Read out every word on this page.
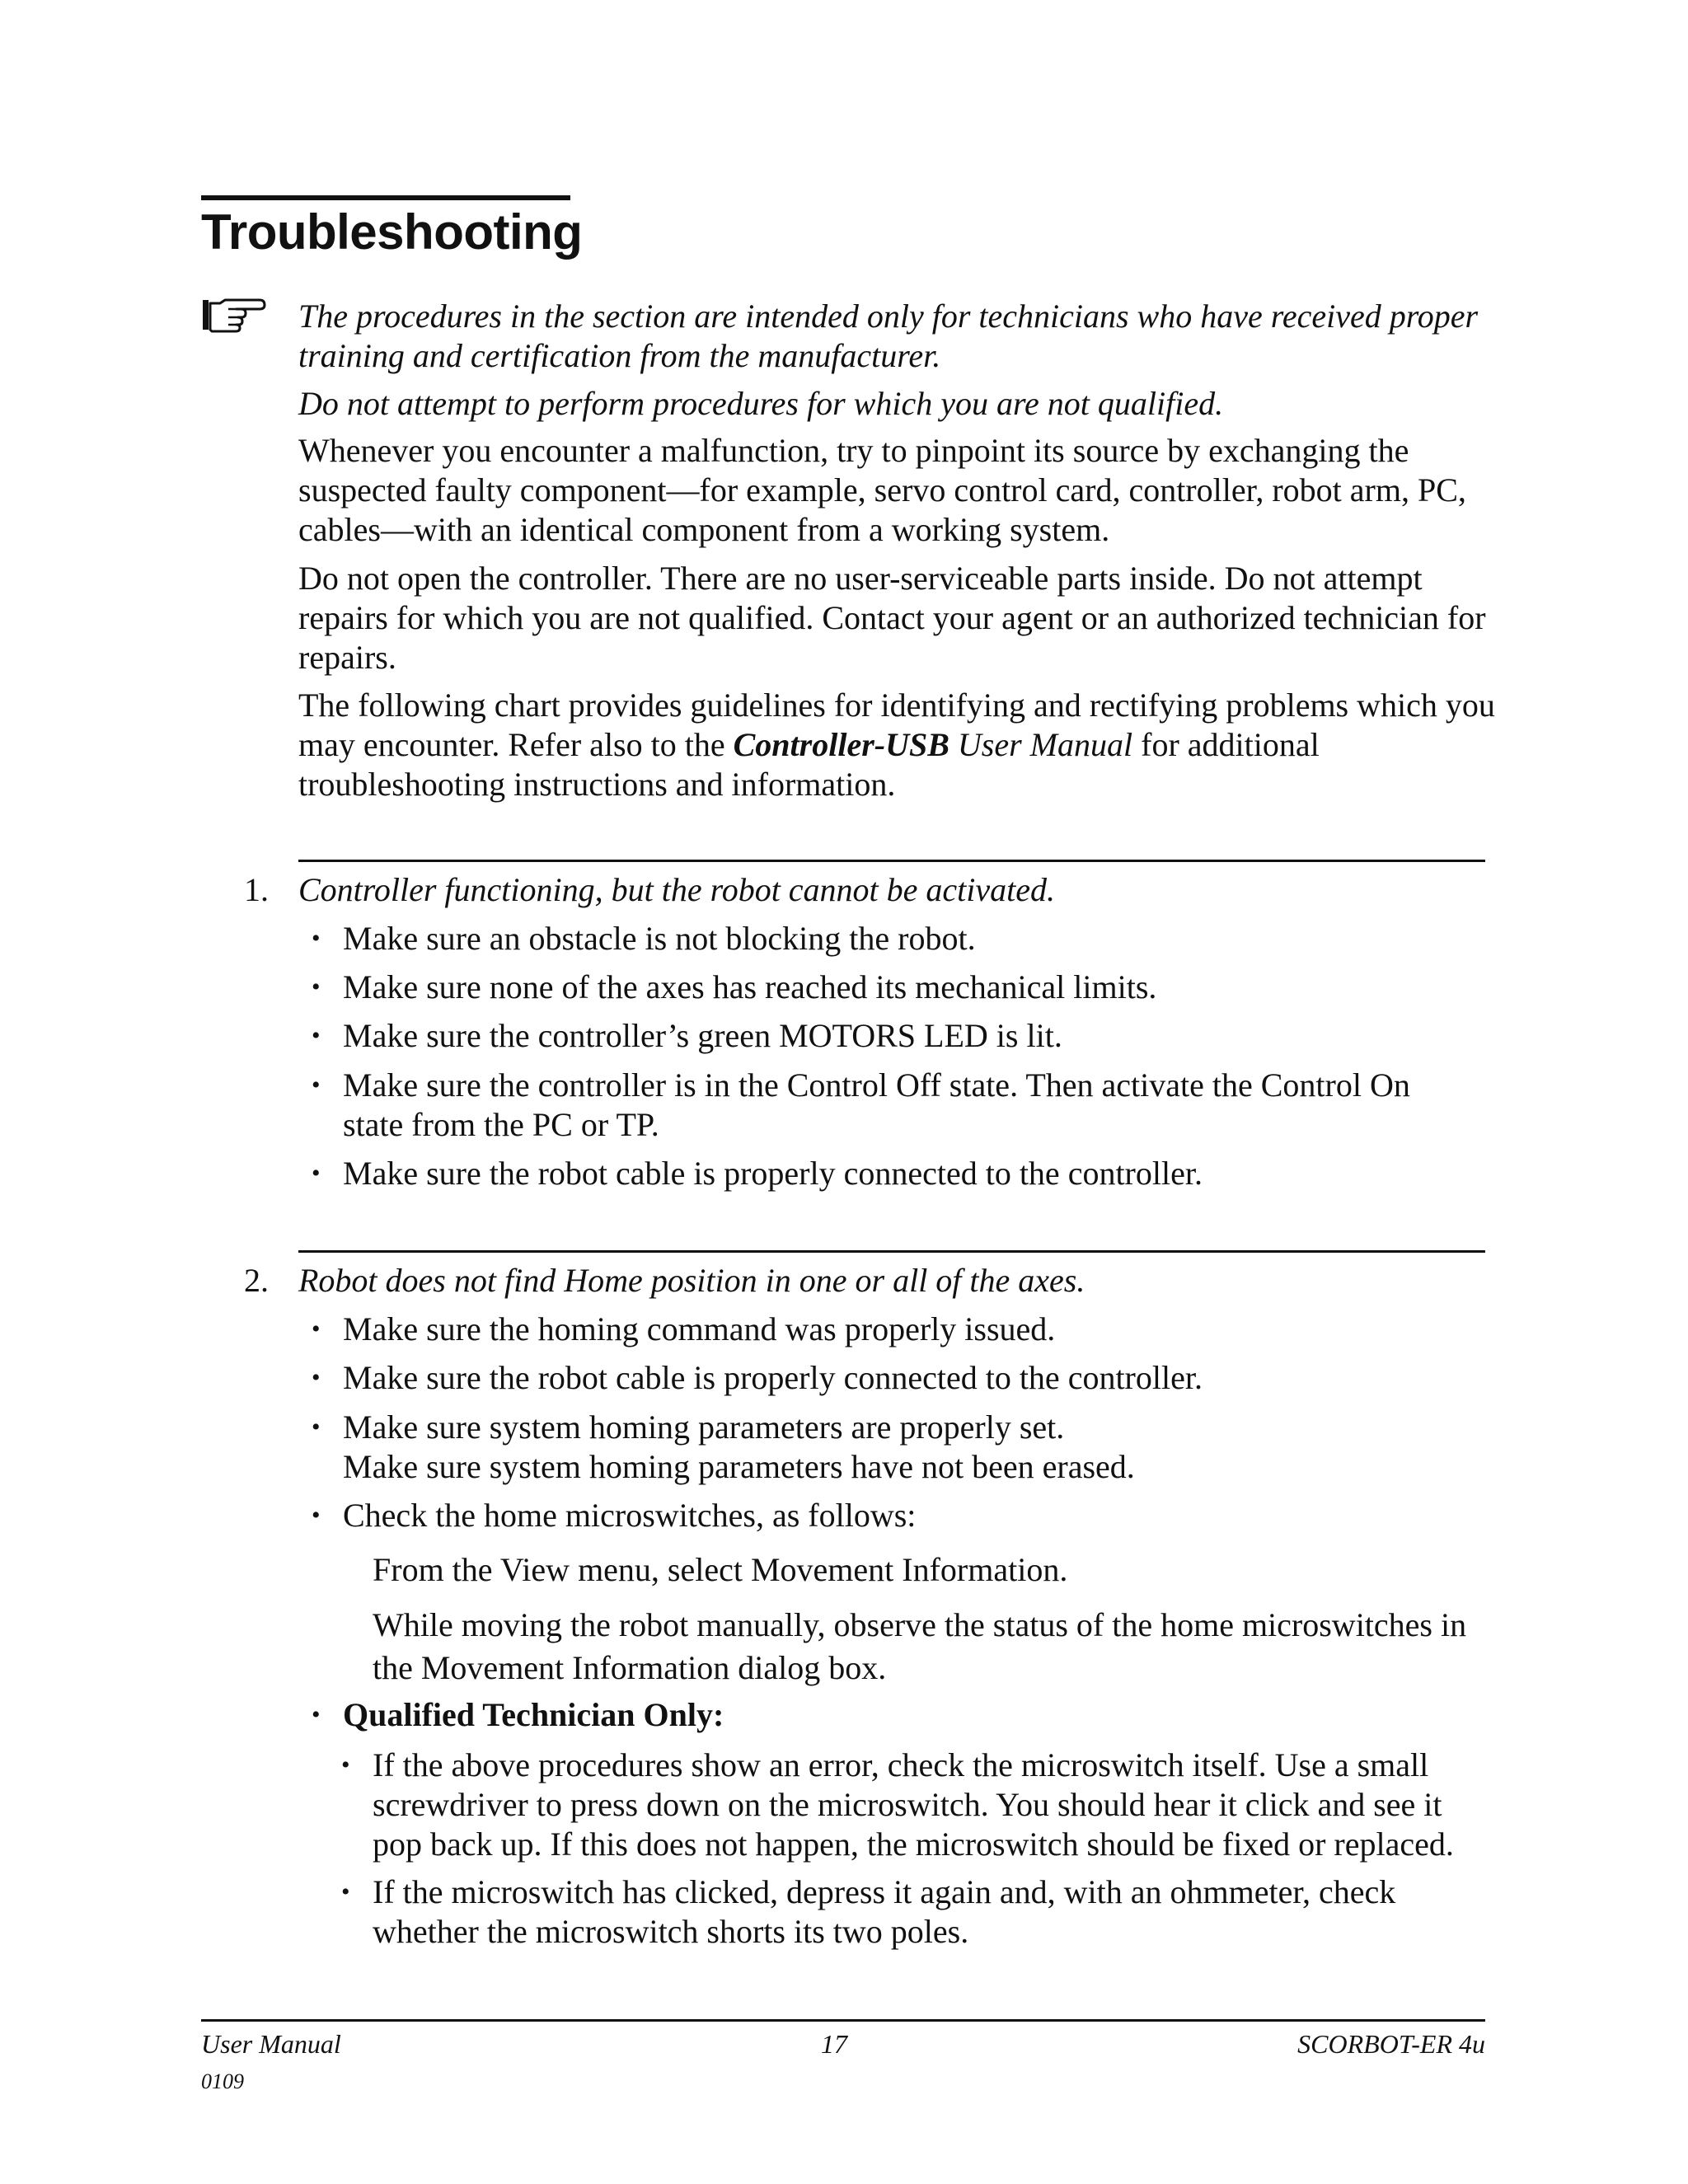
Troubleshooting

The procedures in the section are intended only for technicians who have received proper training and certification from the manufacturer.

Do not attempt to perform procedures for which you are not qualified.

Whenever you encounter a malfunction, try to pinpoint its source by exchanging the suspected faulty component—for example, servo control card, controller, robot arm, PC, cables—with an identical component from a working system.

Do not open the controller. There are no user-serviceable parts inside. Do not attempt repairs for which you are not qualified. Contact your agent or an authorized technician for repairs.

The following chart provides guidelines for identifying and rectifying problems which you may encounter. Refer also to the Controller-USB User Manual for additional troubleshooting instructions and information.

1. Controller functioning, but the robot cannot be activated.
• Make sure an obstacle is not blocking the robot.

• Make sure none of the axes has reached its mechanical limits.

• Make sure the controller’s green MOTORS LED is lit.

• Make sure the controller is in the Control Off state. Then activate the Control On state from the PC or TP.

• Make sure the robot cable is properly connected to the controller.

2. Robot does not find Home position in one or all of the axes.
• Make sure the homing command was properly issued.

• Make sure the robot cable is properly connected to the controller.

• Make sure system homing parameters are properly set.

Make sure system homing parameters have not been erased.

• Check the home microswitches, as follows:

From the View menu, select Movement Information.

While moving the robot manually, observe the status of the home microswitches in the Movement Information dialog box.

• Qualified Technician Only:

• If the above procedures show an error, check the microswitch itself. Use a small screwdriver to press down on the microswitch. You should hear it click and see it pop back up. If this does not happen, the microswitch should be fixed or replaced.

• If the microswitch has clicked, depress it again and, with an ohmmeter, check whether the microswitch shorts its two poles.

User Manual	17	SCORBOT-ER 4u
0109
